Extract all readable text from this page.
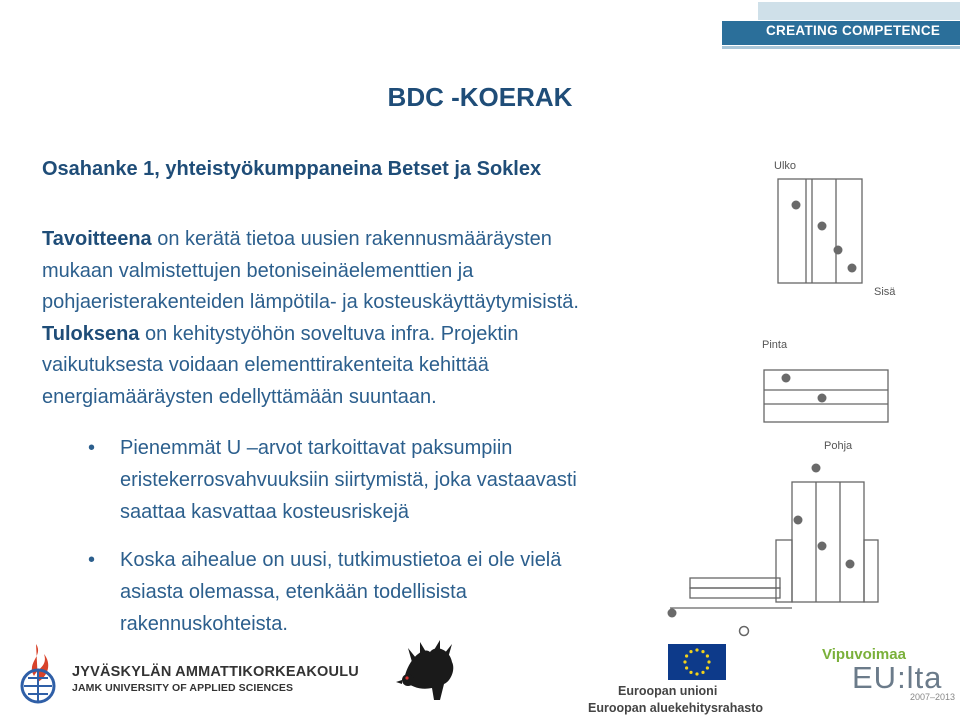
CREATING COMPETENCE
BDC -KOERAK
Osahanke 1, yhteistyökumppaneina Betset ja Soklex
Tavoitteena on kerätä tietoa uusien rakennusmääräysten
mukaan valmistettujen betoniseinäelementtien ja
pohjaeristerakenteiden lämpötila- ja kosteuskäyttäytymisistä.
Tuloksena on kehitystyöhön soveltuva infra. Projektin
vaikutuksesta voidaan elementtirakenteita kehittää
energiamääräysten edellyttämään suuntaan.
• Pienemmät U –arvot tarkoittavat paksumpiin
eristekerrosvahvuuksiin siirtymistä, joka vastaavasti
saattaa kasvattaa kosteusriskejä
• Koska aihealue on uusi, tutkimustietoa ei ole vielä
asiasta olemassa, etenkään todellisista
rakennuskohteista.
Ulko
Sisä
Pinta
Pohja
JYVÄSKYLÄN AMMATTIKORKEAKOULU
JAMK UNIVERSITY OF APPLIED SCIENCES	Euroopan unioni
Euroopan aluekehitysrahasto
Vipuvoimaa
EU:lta
2007–2013
